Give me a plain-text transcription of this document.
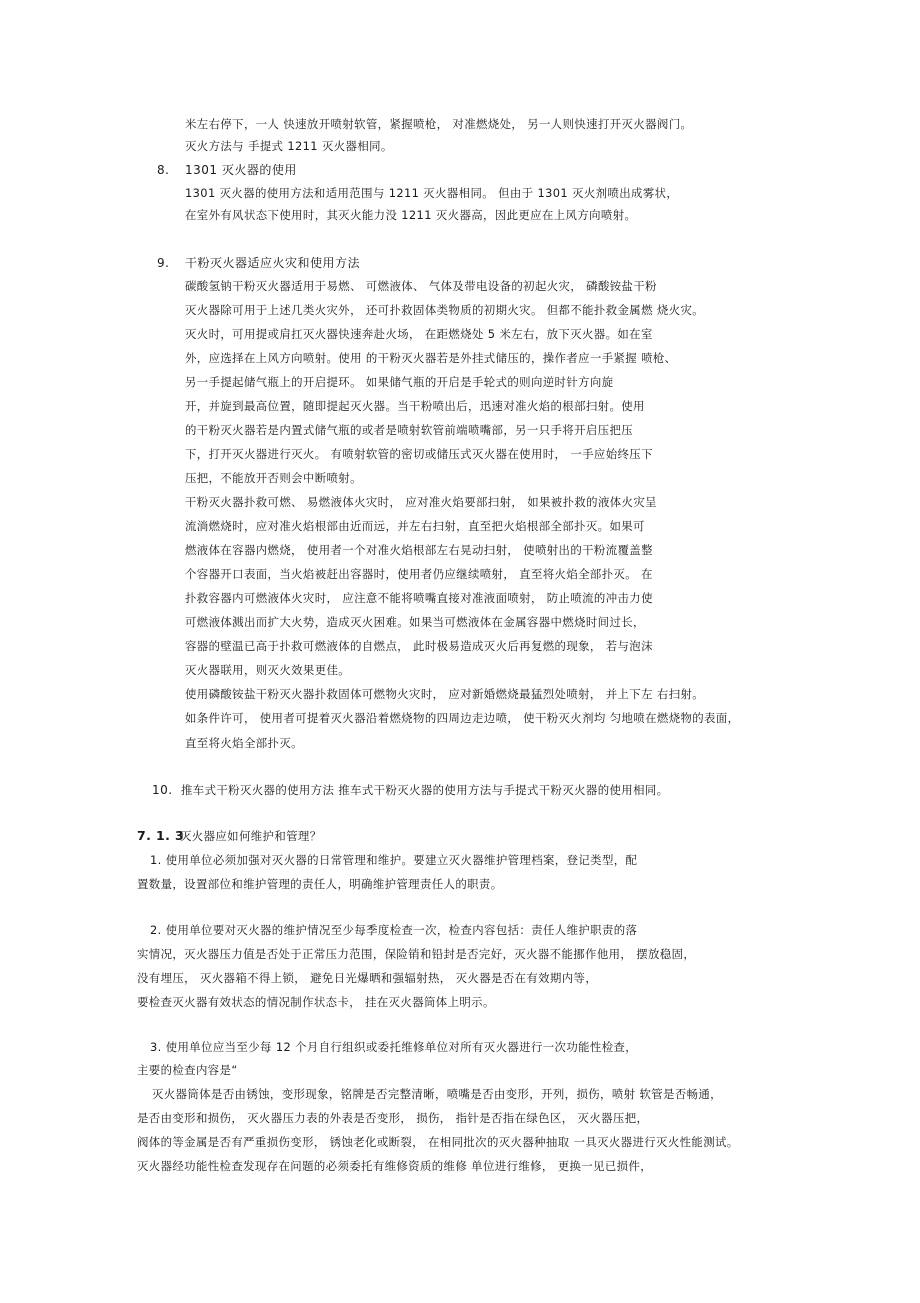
米左右停下，一人 快速放开喷射软管，紧握喷枪， 对准燃烧处， 另一人则快速打开灭火器阀门。

灭火方法与 手提式 1211 灭火器相同。

8. 1301 灭火器的使用

1301 灭火器的使用方法和适用范围与 1211 灭火器相同。 但由于 1301 灭火剂喷出成雾状，

在室外有风状态下使用时，其灭火能力没 1211 灭火器高，因此更应在上风方向喷射。

9. 干粉灭火器适应火灾和使用方法

碳酸氢钠干粉灭火器适用于易燃、 可燃液体、 气体及带电设备的初起火灾， 磷酸铵盐干粉

灭火器除可用于上述几类火灾外， 还可扑救固体类物质的初期火灾。 但都不能扑救金属燃 烧火灾。

灭火时，可用提或肩扛灭火器快速奔赴火场， 在距燃烧处 5 米左右，放下灭火器。如在室

外，应选择在上风方向喷射。使用 的干粉灭火器若是外挂式储压的，操作者应一手紧握 喷枪、

另一手提起储气瓶上的开启提环。 如果储气瓶的开启是手轮式的则向逆时针方向旋

开，并旋到最高位置，随即提起灭火器。当干粉喷出后，迅速对准火焰的根部扫射。使用

的干粉灭火器若是内置式储气瓶的或者是喷射软管前端喷嘴部，另一只手将开启压把压

下，打开灭火器进行灭火。 有喷射软管的密切或储压式灭火器在使用时， 一手应始终压下

压把，不能放开否则会中断喷射。

干粉灭火器扑救可燃、 易燃液体火灾时， 应对准火焰要部扫射， 如果被扑救的液体火灾呈

流淌燃烧时，应对准火焰根部由近而远，并左右扫射，直至把火焰根部全部扑灭。如果可

燃液体在容器内燃烧， 使用者一个对准火焰根部左右晃动扫射， 使喷射出的干粉流覆盖整

个容器开口表面，当火焰被赶出容器时，使用者仍应继续喷射， 直至将火焰全部扑灭。 在

扑救容器内可燃液体火灾时， 应注意不能将喷嘴直接对准液面喷射， 防止喷流的冲击力使

可燃液体溅出而扩大火势，造成灭火困难。如果当可燃液体在金属容器中燃烧时间过长，

容器的壁温已高于扑救可燃液体的自燃点， 此时极易造成灭火后再复燃的现象， 若与泡沫

灭火器联用，则灭火效果更佳。

使用磷酸铵盐干粉灭火器扑救固体可燃物火灾时， 应对新婚燃烧最猛烈处喷射， 并上下左 右扫射。

如条件许可， 使用者可提着灭火器沿着燃烧物的四周边走边喷， 使干粉灭火剂均 匀地喷在燃烧物的表面，

直至将火焰全部扑灭。

10. 推车式干粉灭火器的使用方法 推车式干粉灭火器的使用方法与手提式干粉灭火器的使用相同。
7. 1. 3
灭火器应如何维护和管理？

1. 使用单位必须加强对灭火器的日常管理和维护。要建立灭火器维护管理档案，登记类型，配

置数量，设置部位和维护管理的责任人，明确维护管理责任人的职责。

2. 使用单位要对灭火器的维护情况至少每季度检查一次，检查内容包括：责任人维护职责的落

实情况，灭火器压力值是否处于正常压力范围，保险销和铅封是否完好，灭火器不能挪作他用， 摆放稳固，

没有埋压， 灭火器箱不得上锁， 避免日光爆晒和强辐射热， 灭火器是否在有效期内等，

要检查灭火器有效状态的情况制作状态卡， 挂在灭火器筒体上明示。

3. 使用单位应当至少每 12 个月自行组织或委托维修单位对所有灭火器进行一次功能性检查，

主要的检查内容是“

灭火器筒体是否由锈蚀，变形现象，铭牌是否完整清晰，喷嘴是否由变形，开列，损伤，喷射 软管是否畅通，

是否由变形和损伤， 灭火器压力表的外表是否变形， 损伤， 指针是否指在绿色区， 灭火器压把，

阀体的等金属是否有严重损伤变形， 锈蚀老化或断裂， 在相同批次的灭火器种抽取 一具灭火器进行灭火性能测试。

灭火器经功能性检查发现存在问题的必须委托有维修资质的维修 单位进行维修， 更换一见已损件，
